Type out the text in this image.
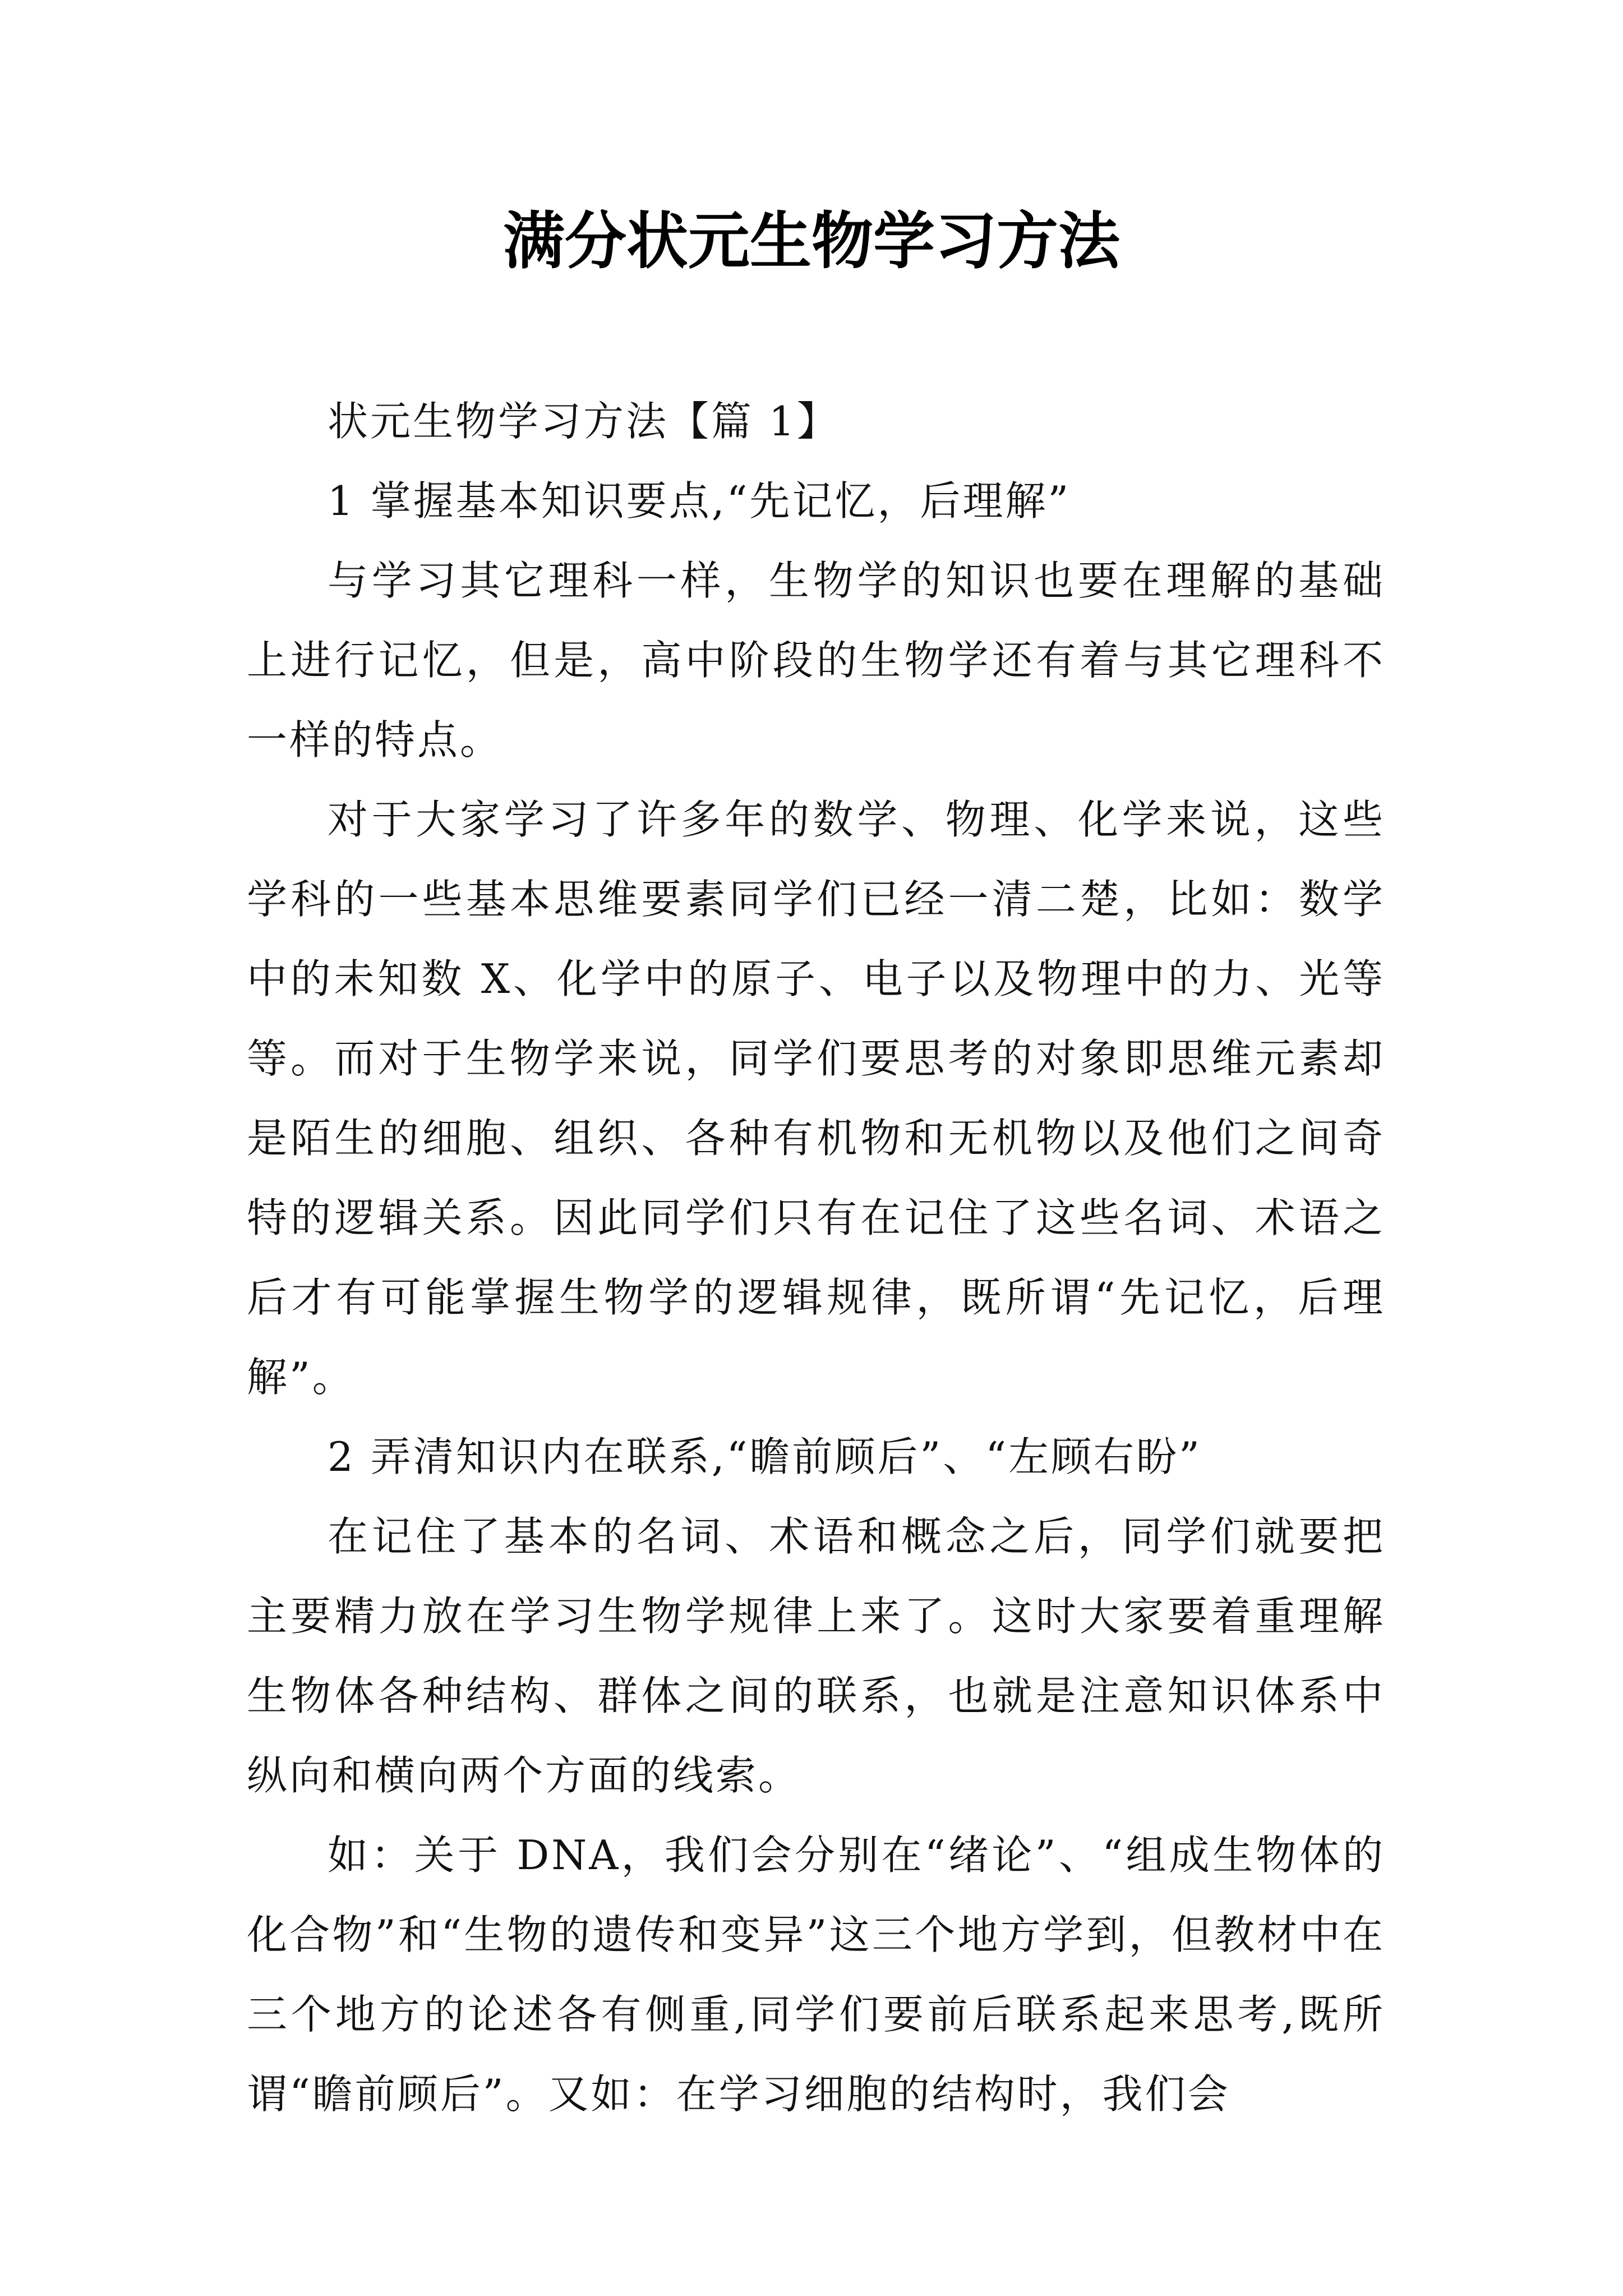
满分状元生物学习方法

状元生物学习方法【篇 1】

1 掌握基本知识要点,“先记忆，后理解”

与学习其它理科一样，生物学的知识也要在理解的基础上进行记忆，但是，高中阶段的生物学还有着与其它理科不一样的特点。

对于大家学习了许多年的数学、物理、化学来说，这些学科的一些基本思维要素同学们已经一清二楚，比如：数学中的未知数 X、化学中的原子、电子以及物理中的力、光等等。而对于生物学来说，同学们要思考的对象即思维元素却是陌生的细胞、组织、各种有机物和无机物以及他们之间奇特的逻辑关系。因此同学们只有在记住了这些名词、术语之后才有可能掌握生物学的逻辑规律，既所谓“先记忆，后理解”。

2 弄清知识内在联系,“瞻前顾后”、“左顾右盼”

在记住了基本的名词、术语和概念之后，同学们就要把主要精力放在学习生物学规律上来了。这时大家要着重理解生物体各种结构、群体之间的联系，也就是注意知识体系中纵向和横向两个方面的线索。

如：关于 DNA，我们会分别在“绪论”、“组成生物体的化合物”和“生物的遗传和变异”这三个地方学到，但教材中在三个地方的论述各有侧重,同学们要前后联系起来思考,既所谓“瞻前顾后”。又如：在学习细胞的结构时，我们会
